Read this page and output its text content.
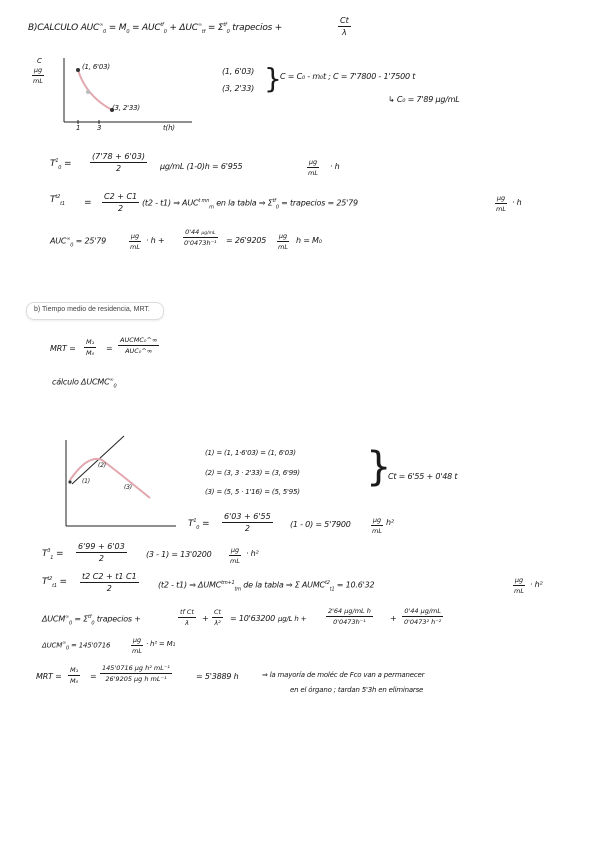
B)CALCULO $AUC^\infty_0 = M_0 = AUC^{tf}_0 + \Delta UC^\infty_{tf} = \Sigma^{tf}_0$ trapecios +	$\frac{Ct}{\lambda}$
C
$\frac{\mu g}{mL}$	(1, 6'03)
(3, 2'33)
1 3	t(h)
(1, 6'03)
(3, 2'33) }
C = C₀ - m₀t ; C = 7'7800 - 1'7500 t
↳ C₀ = 7'89 μg/mL
$T^1_0 = \frac{(7'78 + 6'03)}{2} \mu g/mL$ (1-0)h = 6'955	$\frac{\mu g}{mL} \cdot h$
$T^{t2}_{t1} = \frac{C2 + C1}{2} (t2 - t1)$ ⇒ $AUC^{t mn}_m$ en la tabla ⇒ $\Sigma^{tf}_0$ = trapecios = 25'79	$\frac{\mu g}{mL} \cdot h$
$AUC^\infty_0 = 25'79$	$\frac{\mu g}{mL} \cdot h$ +	$\frac{0'44 \mu g/mL}{\text{0'0473h⁻¹}} = 26'9205 \frac{\mu g}{mL}$ h = M₀
b) Tiempo medio de residencia, MRT.
MRT = $\frac{\text{M₁}}{\text{M₀}}$ =
AUCMC₀^∞
AUC₀^∞
cálculo $\Delta UCMC^\infty_0$
(1)
(2)
(3)
(1) = (1, 1·6'03) = (1, 6'03)
(2) = (3, 3 · 2'33) = (3, 6'99)
(3) = (5, 5 · 1'16) = (5, 5'95)
}
Ct = 6'55 + 0'48 t
$T^1_0 = \frac{6'03 + 6'55}{2} (1 - 0) = 5'7900$	$\frac{\mu g}{mL} h^2$
$T^3_1 = \frac{6'99 + 6'03}{2} (3 - 1) = 13'0200$	$\frac{\mu g}{mL} \cdot h^2$
$T^{t2}_{t1} = \frac{t2 C2 + t1 C1}{2} (t2 - t1)$ ⇒ $\Delta UMC^{tm+1}_{tm}$ de la tabla ⇒ Σ $AUMC^{t2}_{t1} = 10.6'32$	$\frac{\mu g}{mL} \cdot h^2$
$\Delta UCM^\infty_0 = \Sigma^{tf}_0$ trapecios +	$\frac{\text{tf Ct}}{\lambda} + \frac{Ct}{\text{λ²}} = 10'63200$ μg/L h +	$\frac{\text{2'64 μg/mL h}}{\text{0'0473h⁻¹}} + \frac{0'44 \mu g/mL}{\text{0'0473² h⁻²}}$
$\Delta UCM^\infty_0 = 145'0716$	$\frac{\mu g}{mL} \cdot h^2 = M_1$
MRT = $\frac{\text{M₁}}{\text{M₀}} = \frac{\text{145'0716 μg h² mL⁻¹}}{\text{26'9205 μg h mL⁻¹}}$	= 5'3889 h	⇒ la mayoría de moléc de Fco van a permanecer
en el órgano ; tardan 5'3h en eliminarse
